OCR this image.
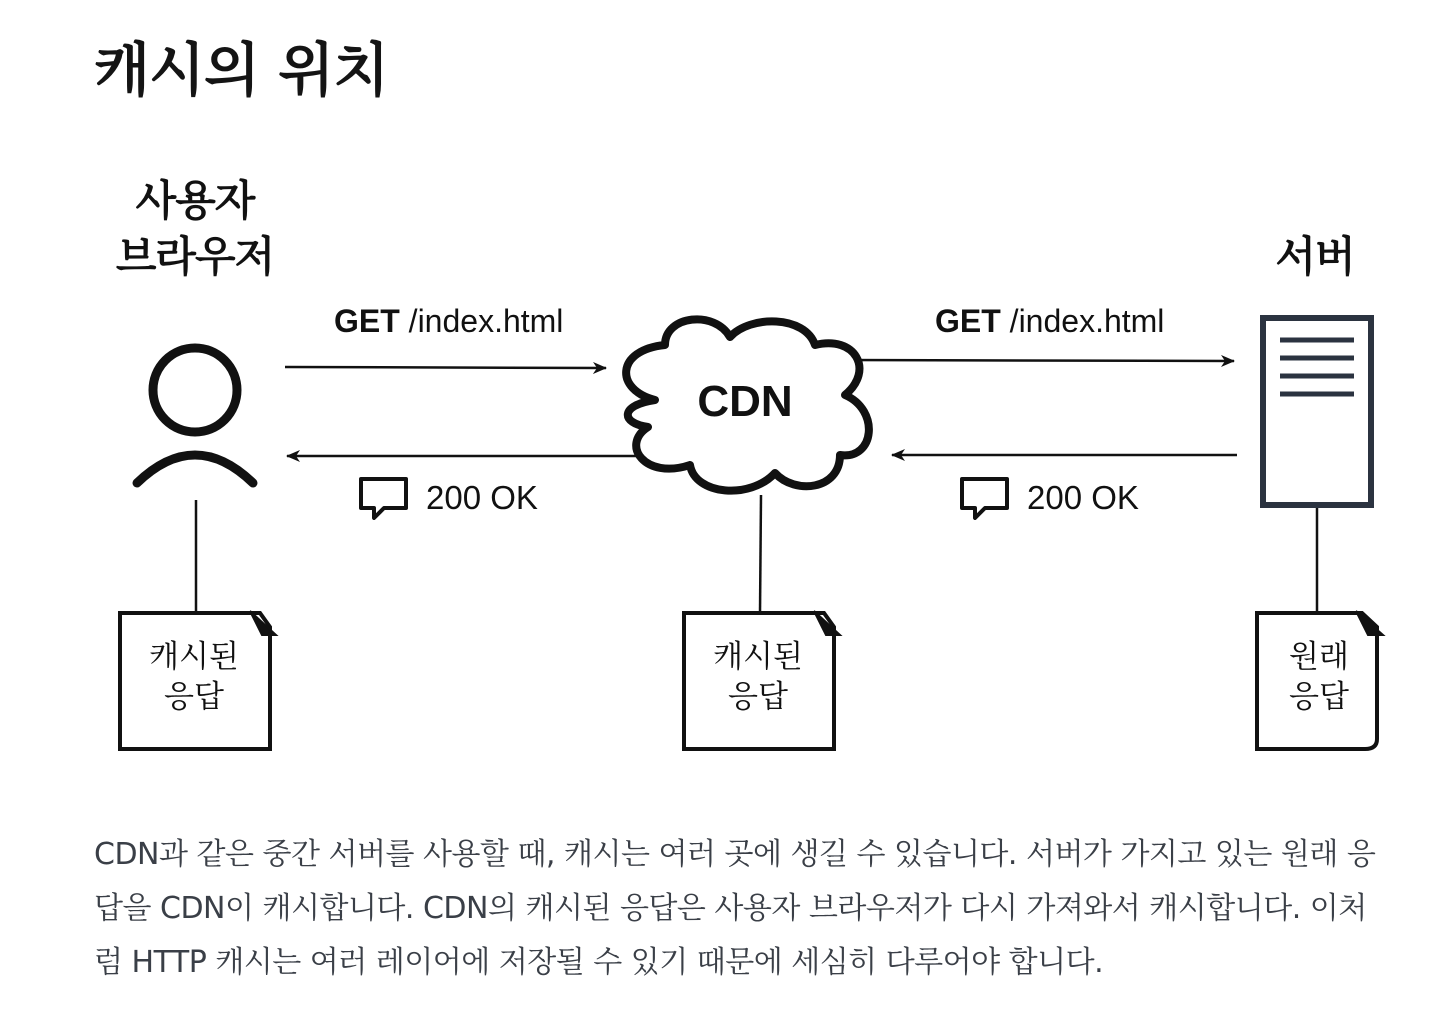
캐시의 위치
사용자
브라우저	서버
GET /index.html	GET /index.html
CDN
200 OK	200 OK
캐시된
응답
캐시된
응답
원래
응답

CDN과 같은 중간 서버를 사용할 때, 캐시는 여러 곳에 생길 수 있습니다. 서버가 가지고 있는 원래 응답을 CDN이 캐시합니다. CDN의 캐시된 응답은 사용자 브라우저가 다시 가져와서 캐시합니다. 이처럼 HTTP 캐시는 여러 레이어에 저장될 수 있기 때문에 세심히 다루어야 합니다.
